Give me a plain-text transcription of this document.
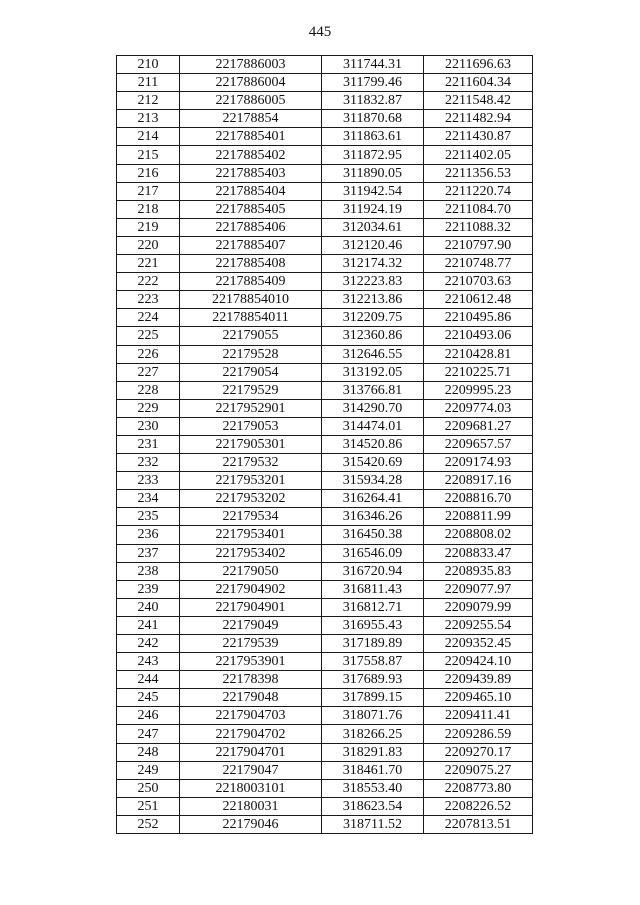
445
210	2217886003	311744.31	2211696.63
211	2217886004	311799.46	2211604.34
212	2217886005	311832.87	2211548.42
213	22178854	311870.68	2211482.94
214	2217885401	311863.61	2211430.87
215	2217885402	311872.95	2211402.05
216	2217885403	311890.05	2211356.53
217	2217885404	311942.54	2211220.74
218	2217885405	311924.19	2211084.70
219	2217885406	312034.61	2211088.32
220	2217885407	312120.46	2210797.90
221	2217885408	312174.32	2210748.77
222	2217885409	312223.83	2210703.63
223	22178854010	312213.86	2210612.48
224	22178854011	312209.75	2210495.86
225	22179055	312360.86	2210493.06
226	22179528	312646.55	2210428.81
227	22179054	313192.05	2210225.71
228	22179529	313766.81	2209995.23
229	2217952901	314290.70	2209774.03
230	22179053	314474.01	2209681.27
231	2217905301	314520.86	2209657.57
232	22179532	315420.69	2209174.93
233	2217953201	315934.28	2208917.16
234	2217953202	316264.41	2208816.70
235	22179534	316346.26	2208811.99
236	2217953401	316450.38	2208808.02
237	2217953402	316546.09	2208833.47
238	22179050	316720.94	2208935.83
239	2217904902	316811.43	2209077.97
240	2217904901	316812.71	2209079.99
241	22179049	316955.43	2209255.54
242	22179539	317189.89	2209352.45
243	2217953901	317558.87	2209424.10
244	22178398	317689.93	2209439.89
245	22179048	317899.15	2209465.10
246	2217904703	318071.76	2209411.41
247	2217904702	318266.25	2209286.59
248	2217904701	318291.83	2209270.17
249	22179047	318461.70	2209075.27
250	2218003101	318553.40	2208773.80
251	22180031	318623.54	2208226.52
252	22179046	318711.52	2207813.51
